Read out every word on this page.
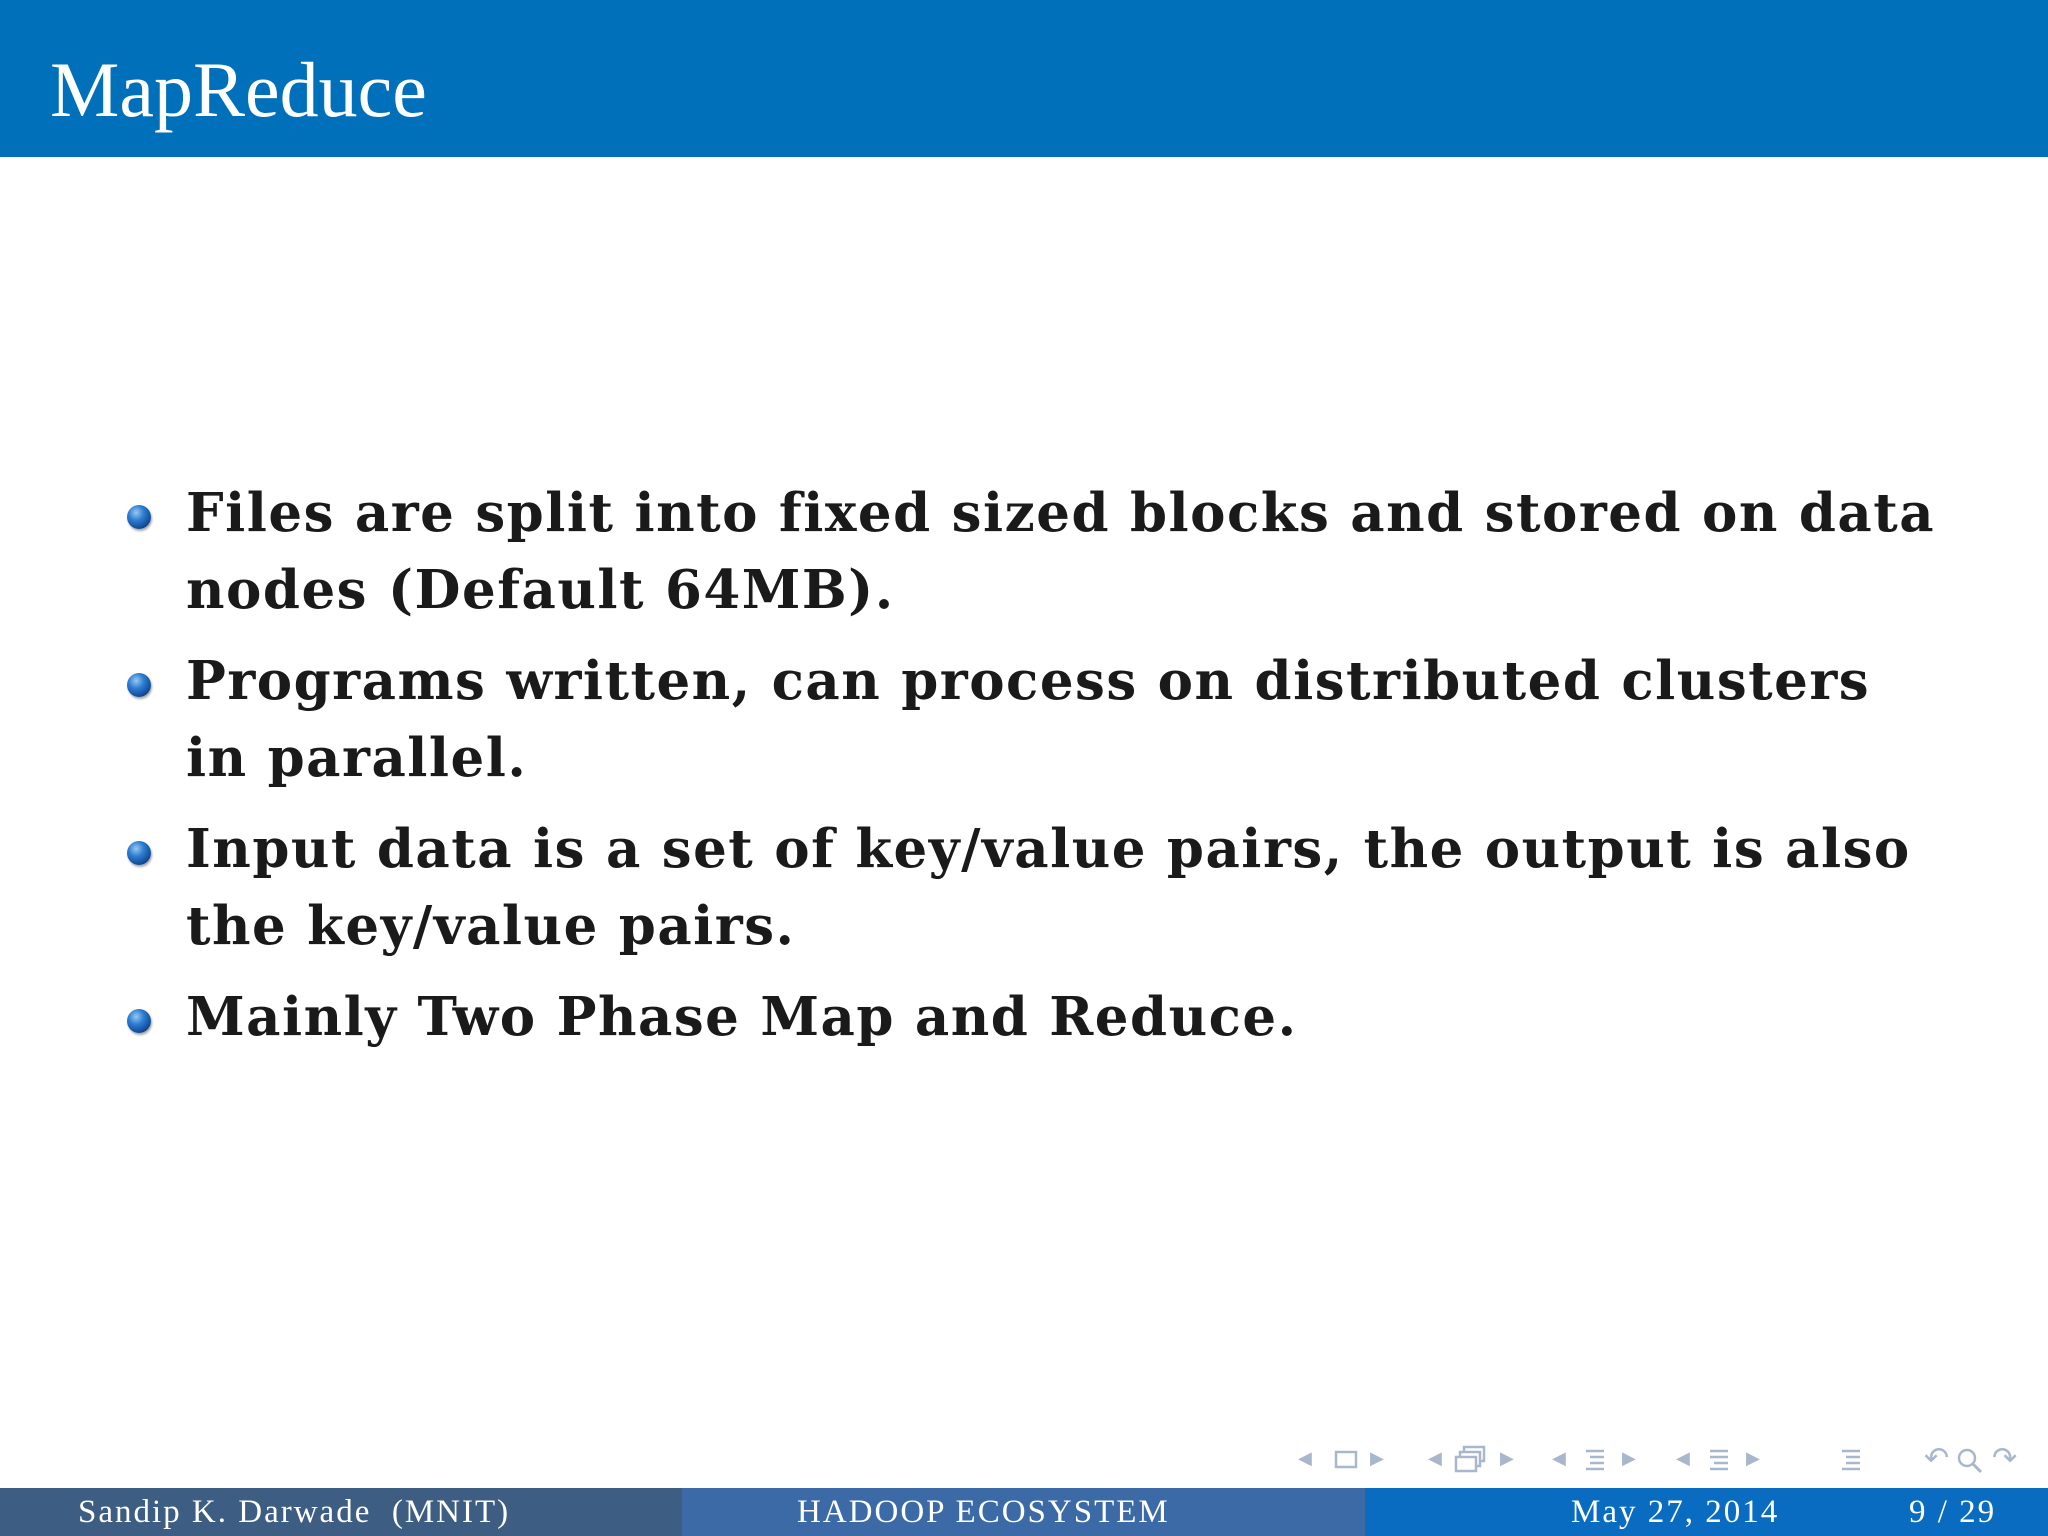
MapReduce
Files are split into fixed sized blocks and stored on data nodes (Default 64MB).
Programs written, can process on distributed clusters in parallel.
Input data is a set of key/value pairs, the output is also the key/value pairs.
Mainly Two Phase Map and Reduce.
◀	▶ ◀	▶ ◀	▶ ◀	▶	↶ ↷
Sandip K. Darwade  (MNIT)	HADOOP ECOSYSTEM	May 27, 2014	9 / 29
